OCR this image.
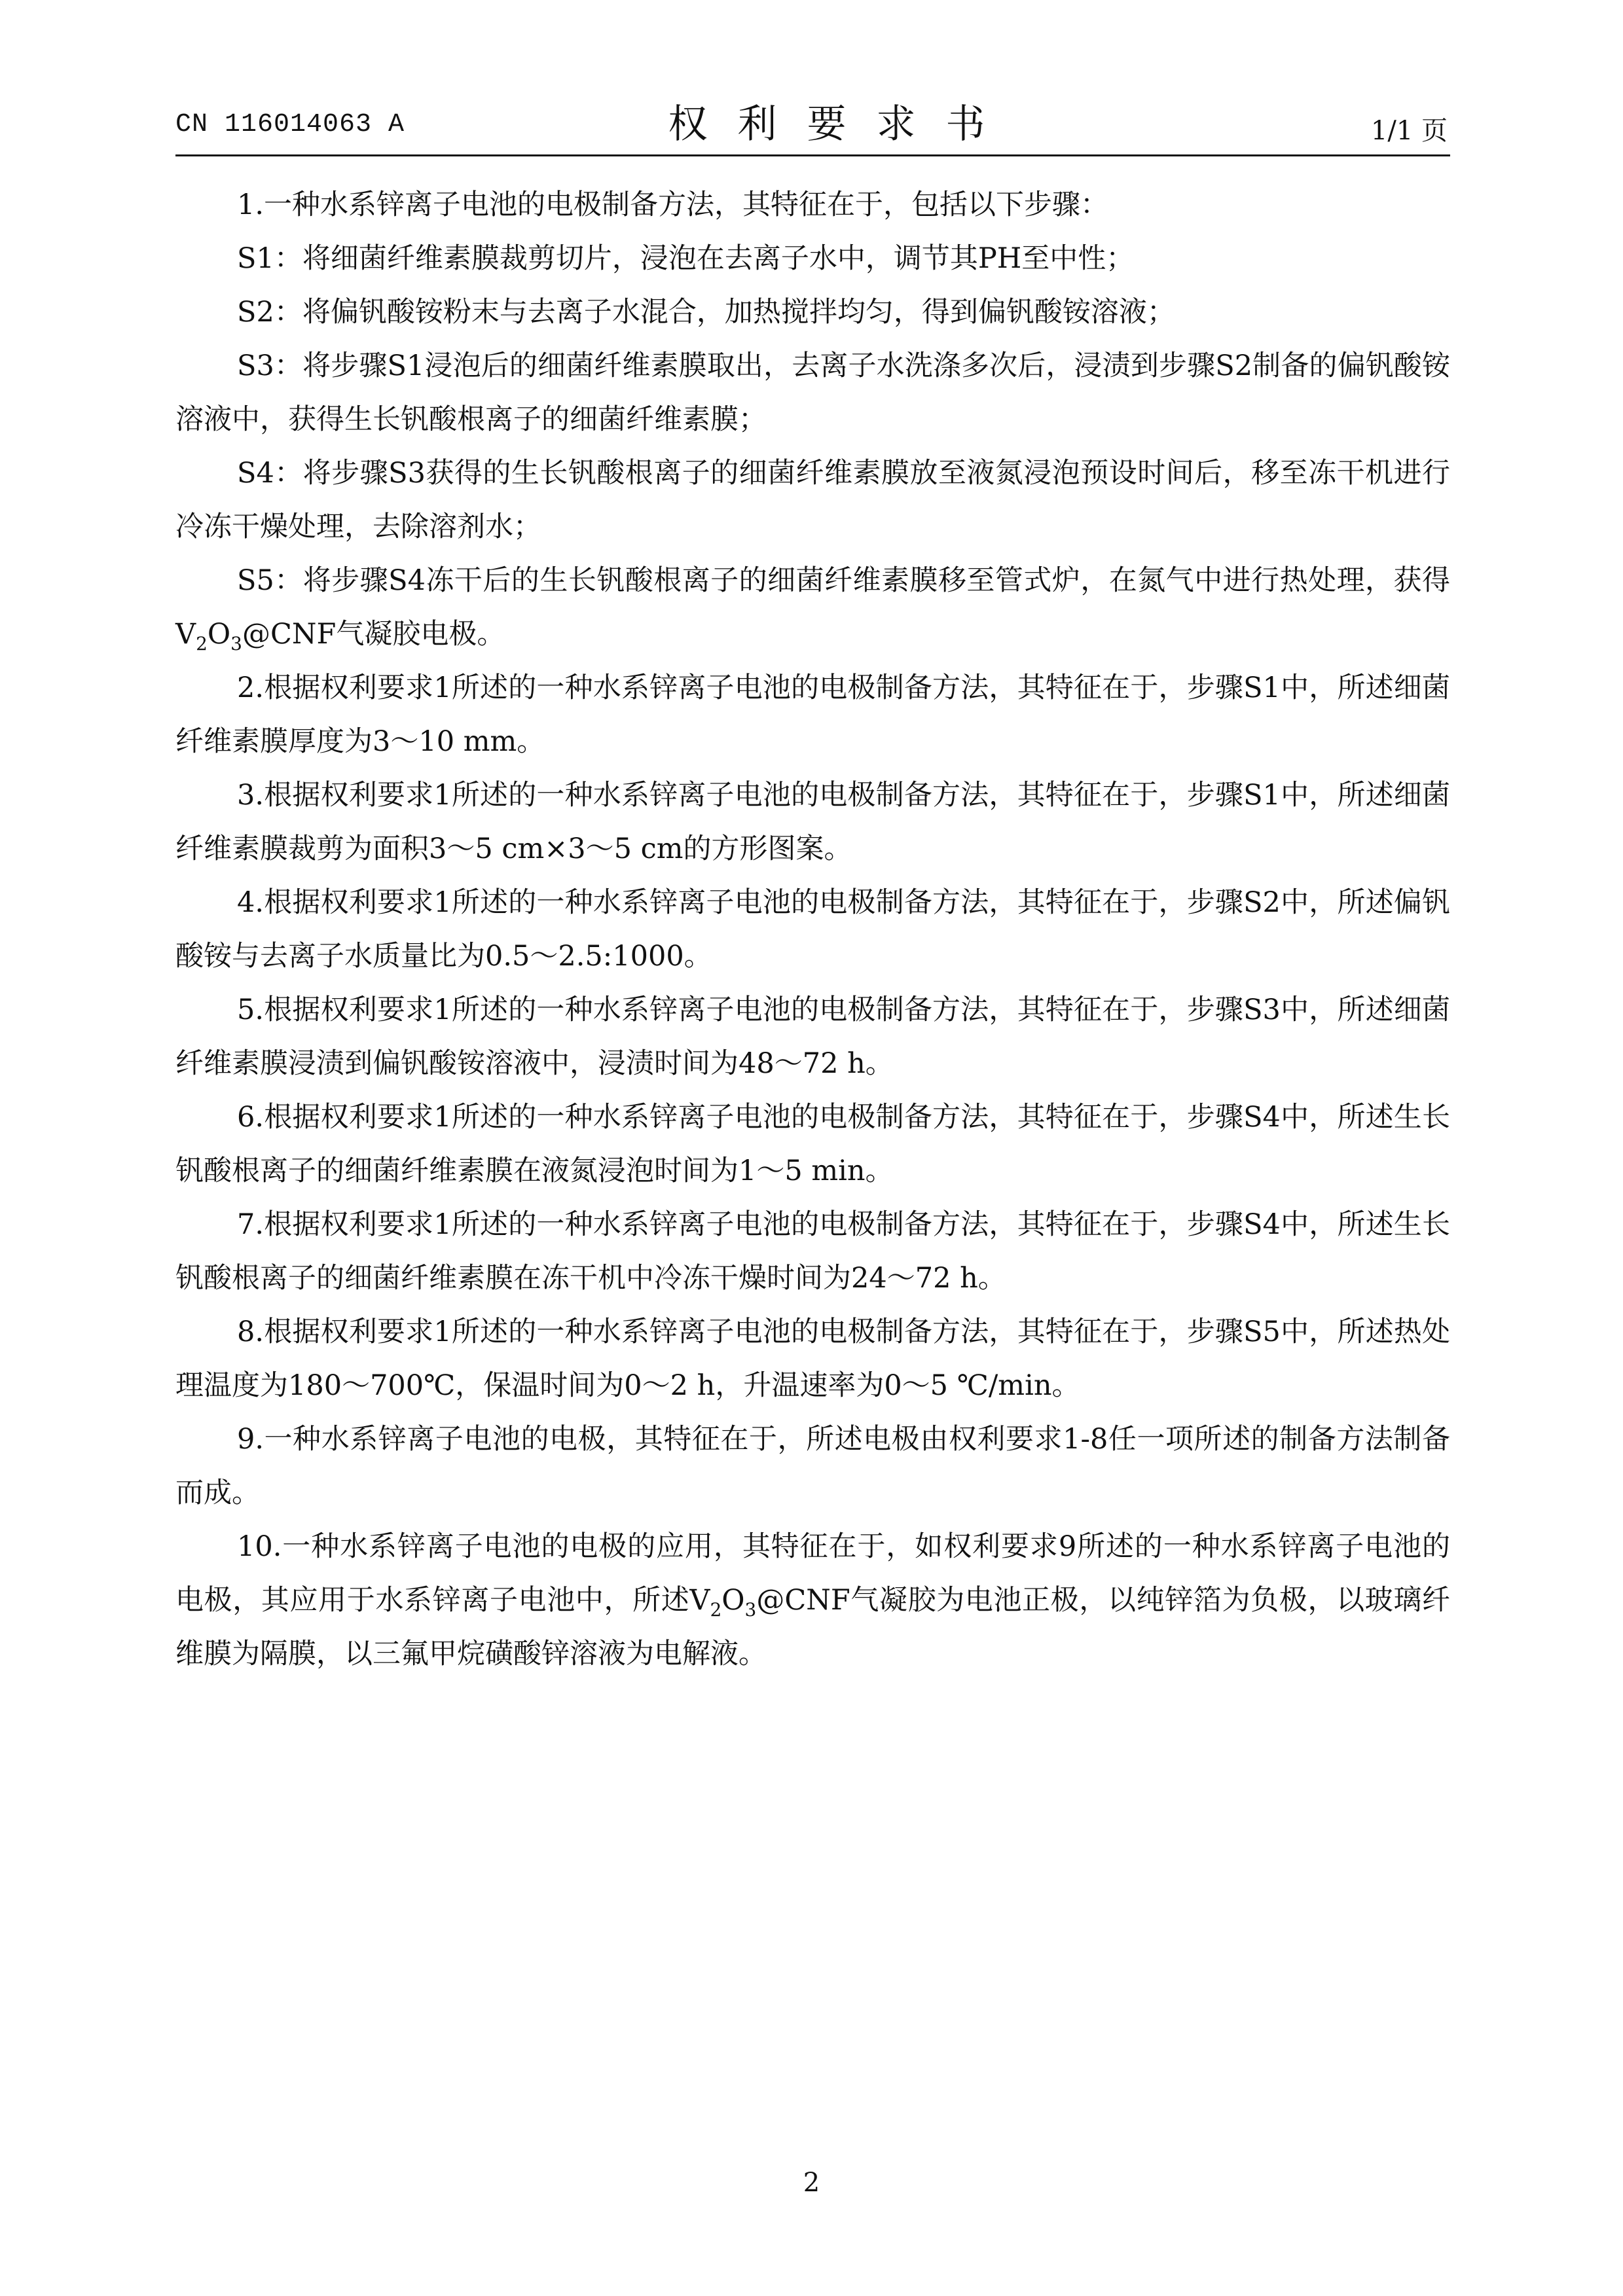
CN 116014063 A	权利要求书	1/1 页

1.一种水系锌离子电池的电极制备方法，其特征在于，包括以下步骤：

S1：将细菌纤维素膜裁剪切片，浸泡在去离子水中，调节其PH至中性；

S2：将偏钒酸铵粉末与去离子水混合，加热搅拌均匀，得到偏钒酸铵溶液；

S3：将步骤S1浸泡后的细菌纤维素膜取出，去离子水洗涤多次后，浸渍到步骤S2制备的偏钒酸铵溶液中，获得生长钒酸根离子的细菌纤维素膜；

S4：将步骤S3获得的生长钒酸根离子的细菌纤维素膜放至液氮浸泡预设时间后，移至冻干机进行冷冻干燥处理，去除溶剂水；

S5：将步骤S4冻干后的生长钒酸根离子的细菌纤维素膜移至管式炉，在氮气中进行热处理，获得$V_2O_3@CNF$气凝胶电极。

2.根据权利要求1所述的一种水系锌离子电池的电极制备方法，其特征在于，步骤S1中，所述细菌纤维素膜厚度为3～10 mm。

3.根据权利要求1所述的一种水系锌离子电池的电极制备方法，其特征在于，步骤S1中，所述细菌纤维素膜裁剪为面积3～5 cm×3～5 cm的方形图案。

4.根据权利要求1所述的一种水系锌离子电池的电极制备方法，其特征在于，步骤S2中，所述偏钒酸铵与去离子水质量比为0.5～2.5:1000。

5.根据权利要求1所述的一种水系锌离子电池的电极制备方法，其特征在于，步骤S3中，所述细菌纤维素膜浸渍到偏钒酸铵溶液中，浸渍时间为48～72 h。

6.根据权利要求1所述的一种水系锌离子电池的电极制备方法，其特征在于，步骤S4中，所述生长钒酸根离子的细菌纤维素膜在液氮浸泡时间为1～5 min。

7.根据权利要求1所述的一种水系锌离子电池的电极制备方法，其特征在于，步骤S4中，所述生长钒酸根离子的细菌纤维素膜在冻干机中冷冻干燥时间为24～72 h。

8.根据权利要求1所述的一种水系锌离子电池的电极制备方法，其特征在于，步骤S5中，所述热处理温度为180～700℃，保温时间为0～2 h，升温速率为0～5 ℃/min。

9.一种水系锌离子电池的电极，其特征在于，所述电极由权利要求1-8任一项所述的制备方法制备而成。

10.一种水系锌离子电池的电极的应用，其特征在于，如权利要求9所述的一种水系锌离子电池的电极，其应用于水系锌离子电池中，所述$V_2O_3@CNF$气凝胶为电池正极，以纯锌箔为负极，以玻璃纤维膜为隔膜，以三氟甲烷磺酸锌溶液为电解液。

2
